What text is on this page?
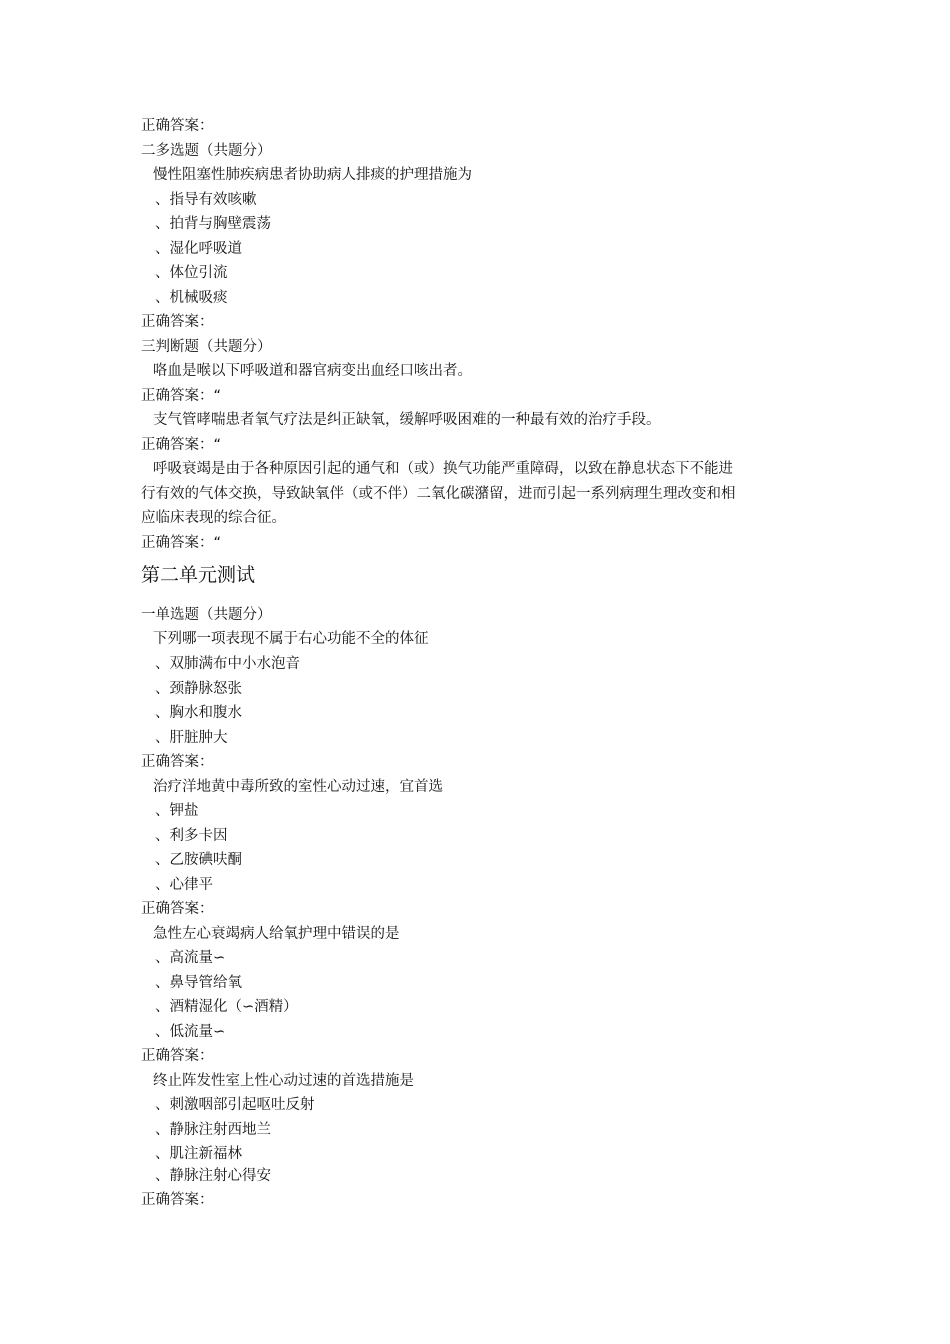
正确答案：
二多选题（共题分）
慢性阻塞性肺疾病患者协助病人排痰的护理措施为
、指导有效咳嗽
、拍背与胸壁震荡
、湿化呼吸道
、体位引流
、机械吸痰
正确答案：
三判断题（共题分）
咯血是喉以下呼吸道和器官病变出血经口咳出者。
正确答案：“
支气管哮喘患者氧气疗法是纠正缺氧，缓解呼吸困难的一种最有效的治疗手段。
正确答案：“
呼吸衰竭是由于各种原因引起的通气和（或）换气功能严重障碍，以致在静息状态下不能进
行有效的气体交换，导致缺氧伴（或不伴）二氧化碳潴留，进而引起一系列病理生理改变和相
应临床表现的综合征。
正确答案：“
第二单元测试
一单选题（共题分）
下列哪一项表现不属于右心功能不全的体征
、双肺满布中小水泡音
、颈静脉怒张
、胸水和腹水
、肝脏肿大
正确答案：
治疗洋地黄中毒所致的室性心动过速，宜首选
、钾盐
、利多卡因
、乙胺碘呋酮
、心律平
正确答案：
急性左心衰竭病人给氧护理中错误的是
、高流量∽
、鼻导管给氧
、酒精湿化（∽酒精）
、低流量∽
正确答案：
终止阵发性室上性心动过速的首选措施是
、刺激咽部引起呕吐反射
、静脉注射西地兰
、肌注新福林
、静脉注射心得安
正确答案：
